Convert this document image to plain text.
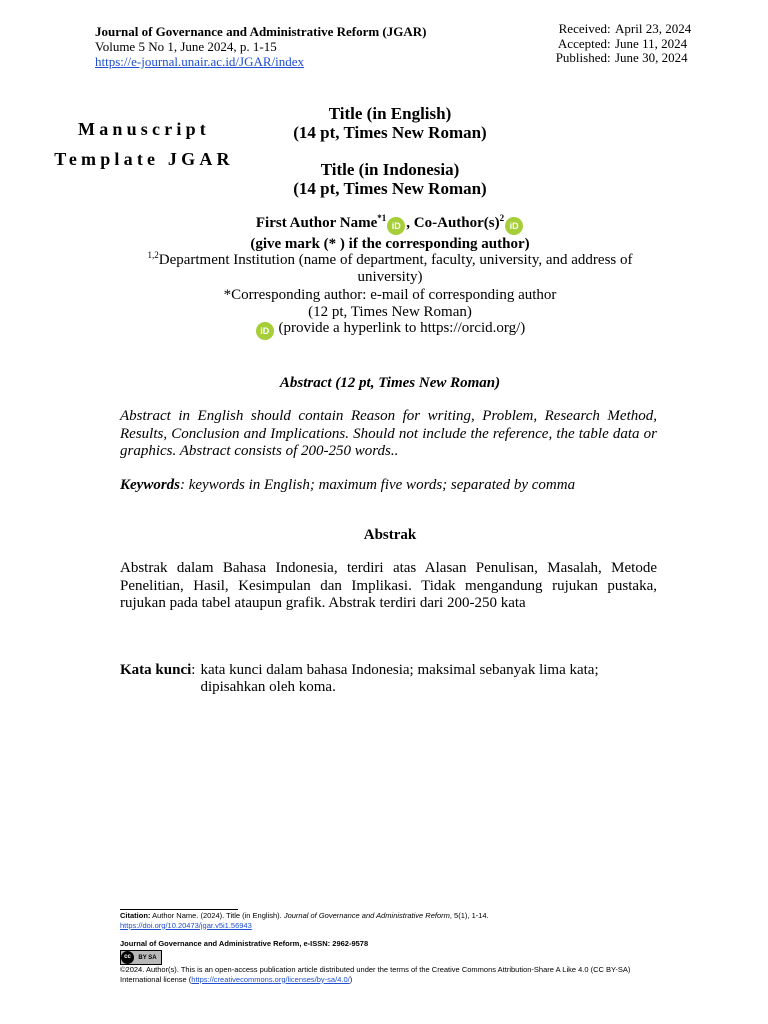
Journal of Governance and Administrative Reform (JGAR)
Volume 5 No 1, June 2024, p. 1-15
https://e-journal.unair.ac.id/JGAR/index
Received : April 23, 2024
Accepted : June 11, 2024
Published : June 30, 2024
Manuscript
Template JGAR
Title (in English)
(14 pt, Times New Roman)
Title (in Indonesia)
(14 pt, Times New Roman)
First Author Name$^{*1}$iD , $Co-Author(s)^2iD$
(give mark (* ) if the corresponding author)
$^{1,2}$Department Institution (name of department, faculty, university, and address of university)
*Corresponding author: e-mail of corresponding author
(12 pt, Times New Roman)
iD (provide a hyperlink to https://orcid.org/)
Abstract (12 pt, Times New Roman)
Abstract in English should contain Reason for writing, Problem, Research Method, Results, Conclusion and Implications. Should not include the reference, the table data or graphics. Abstract consists of 200-250 words..
Keywords: keywords in English; maximum five words; separated by comma
Abstrak
Abstrak dalam Bahasa Indonesia, terdiri atas Alasan Penulisan, Masalah, Metode Penelitian, Hasil, Kesimpulan dan Implikasi. Tidak mengandung rujukan pustaka, rujukan pada tabel ataupun grafik. Abstrak terdiri dari 200-250 kata
Kata kunci : kata kunci dalam bahasa Indonesia; maksimal sebanyak lima kata; dipisahkan oleh koma.
Citation: Author Name. (2024). Title (in English). Journal of Governance and Administrative Reform, 5(1), 1-14.
https://doi.org/10.20473/jgar.v5i1.56943
Journal of Governance and Administrative Reform, e-ISSN: 2962-9578
cc	BY SA
©2024. Author(s). This is an open-access publication article distributed under the terms of the Creative Commons Attribution-Share A Like 4.0 (CC BY-SA) International license (https://creativecommons.org/licenses/by-sa/4.0/)
